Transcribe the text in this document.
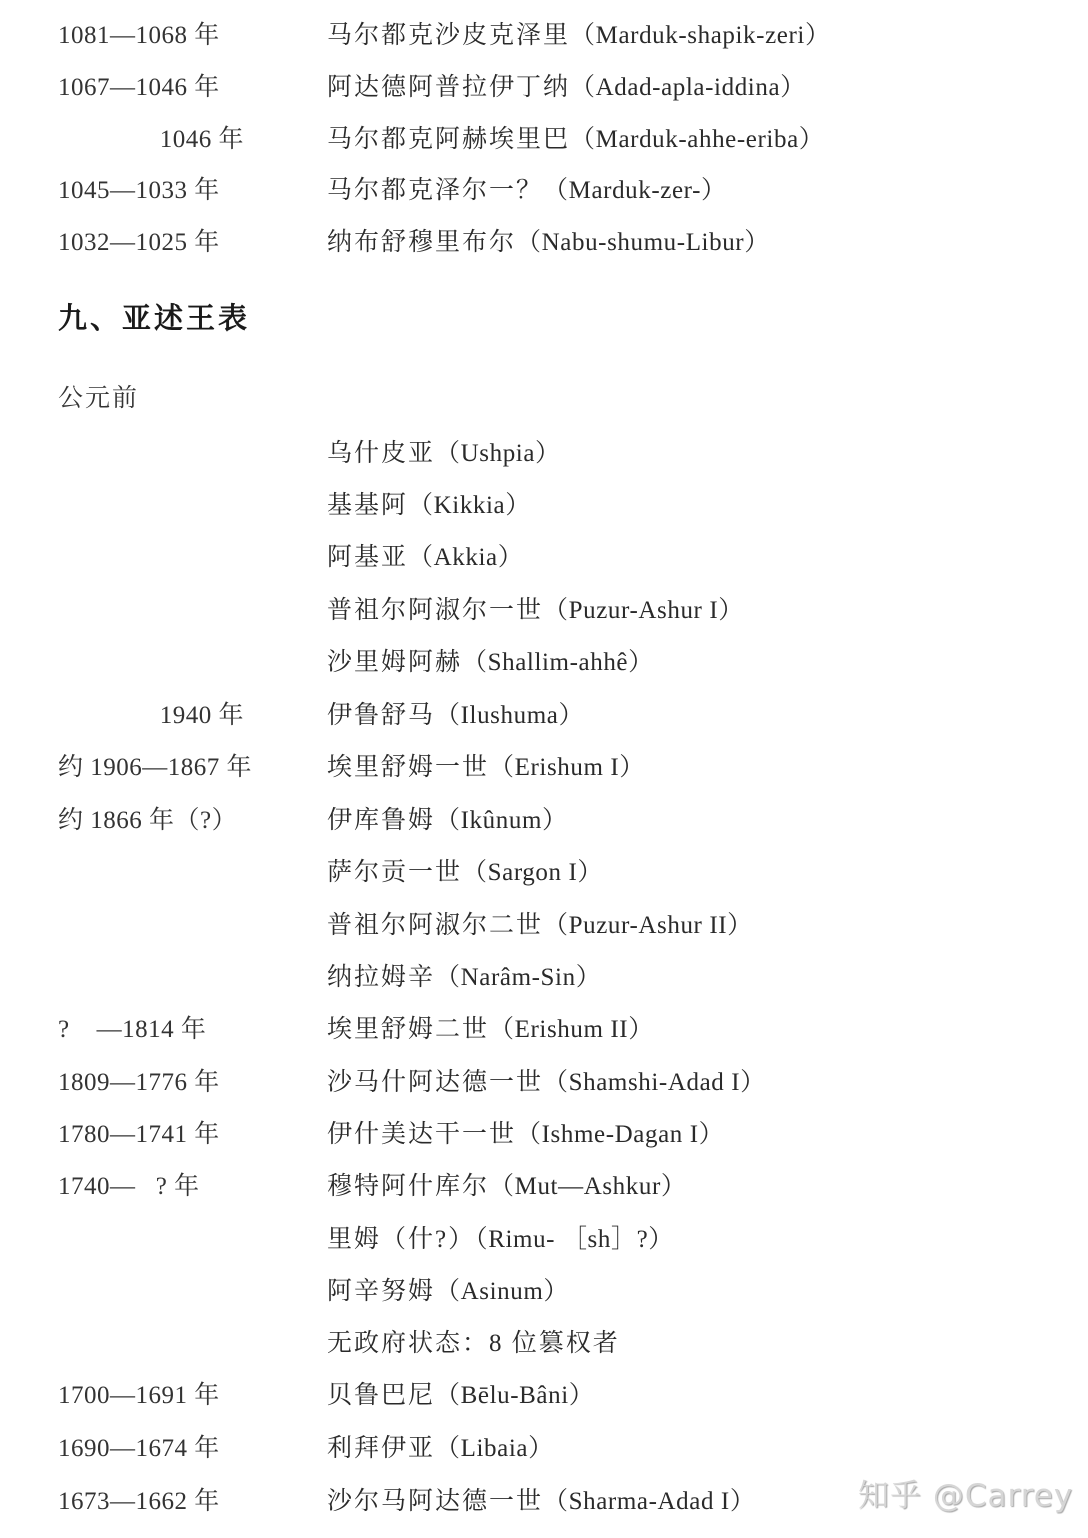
1081—1068 年	马尔都克沙皮克泽里（Marduk-shapik-zeri）
1067—1046 年	阿达德阿普拉伊丁纳（Adad-apla-iddina）
1046 年	马尔都克阿赫埃里巴（Marduk-ahhe-eriba）
1045—1033 年	马尔都克泽尔一？（Marduk-zer-）
1032—1025 年	纳布舒穆里布尔（Nabu-shumu-Libur）
九、亚述王表
公元前
乌什皮亚（Ushpia）
基基阿（Kikkia）
阿基亚（Akkia）
普祖尔阿淑尔一世（Puzur-Ashur I）
沙里姆阿赫（Shallim-ahhê）
1940 年	伊鲁舒马（Ilushuma）
约 1906—1867 年	埃里舒姆一世（Erishum I）
约 1866 年（?）	伊库鲁姆（Ikûnum）
萨尔贡一世（Sargon I）
普祖尔阿淑尔二世（Puzur-Ashur II）
纳拉姆辛（Narâm-Sin）
?    —1814 年	埃里舒姆二世（Erishum II）
1809—1776 年	沙马什阿达德一世（Shamshi-Adad I）
1780—1741 年	伊什美达干一世（Ishme-Dagan I）
1740—   ? 年	穆特阿什库尔（Mut—Ashkur）
里姆（什?）（Rimu- ［sh］?）
阿辛努姆（Asinum）
无政府状态：8 位篡权者
1700—1691 年	贝鲁巴尼（Bēlu-Bâni）
1690—1674 年	利拜伊亚（Libaia）
1673—1662 年	沙尔马阿达德一世（Sharma-Adad I）	知乎 @Carrey
